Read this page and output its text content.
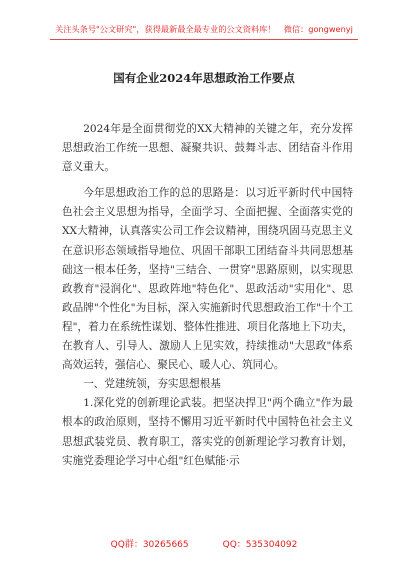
关注头条号"公文研究"，获得最新最全最专业的公文资料库！　微信：gongwenyj
国有企业2024年思想政治工作要点

2024年是全面贯彻党的XX大精神的关键之年，充分发挥思想政治工作统一思想、凝聚共识、鼓舞斗志、团结奋斗作用意义重大。

今年思想政治工作的总的思路是：以习近平新时代中国特色社会主义思想为指导，全面学习、全面把握、全面落实党的XX大精神，认真落实公司工作会议精神，围绕巩固马克思主义在意识形态领域指导地位、巩固干部职工团结奋斗共同思想基础这一根本任务，坚持"三结合、一贯穿"思路原则，以实现思政教育"浸润化"、思政阵地"特色化"、思政活动"实用化"、思政品牌"个性化"为目标，深入实施新时代思想政治工作"十个工程"，着力在系统性谋划、整体性推进、项目化落地上下功夫，在教育人、引导人、激励人上见实效，持续推动"大思政"体系高效运转，强信心、聚民心、暖人心、筑同心。

一、党建统领，夯实思想根基

1.深化党的创新理论武装。把坚决捍卫"两个确立"作为最根本的政治原则，坚持不懈用习近平新时代中国特色社会主义思想武装党员、教育职工，落实党的创新理论学习教育计划，实施党委理论学习中心组"红色赋能·示

QQ群：30265665	QQ：535304092
